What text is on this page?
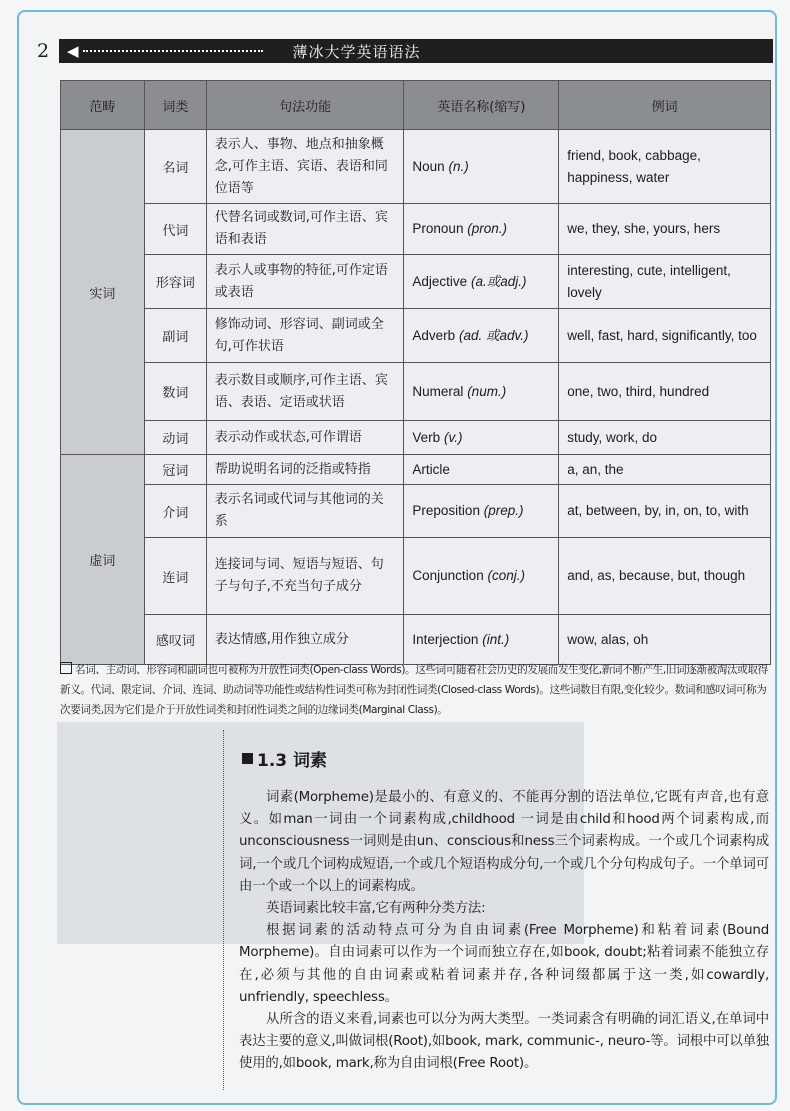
2 ◀	薄冰大学英语语法
范畴	词类	句法功能	英语名称(缩写)	例词
实词	名词	表示人、事物、地点和抽象概念,可作主语、宾语、表语和同位语等	Noun (n.)	friend, book, cabbage, happiness, water
	代词	代替名词或数词,可作主语、宾语和表语	Pronoun (pron.)	we, they, she, yours, hers
	形容词	表示人或事物的特征,可作定语或表语	Adjective (a.或adj.)	interesting, cute, intelligent, lovely
	副词	修饰动词、形容词、副词或全句,可作状语	Adverb (ad. 或adv.)	well, fast, hard, significantly, too
	数词	表示数目或顺序,可作主语、宾语、表语、定语或状语	Numeral (num.)	one, two, third, hundred
	动词	表示动作或状态,可作谓语	Verb (v.)	study, work, do
虚词	冠词	帮助说明名词的泛指或特指	Article	a, an, the
	介词	表示名词或代词与其他词的关系	Preposition (prep.)	at, between, by, in, on, to, with
	连词	连接词与词、短语与短语、句子与句子,不充当句子成分	Conjunction (conj.)	and, as, because, but, though
	感叹词	表达情感,用作独立成分	Interjection (int.)	wow, alas, oh
名词、主动词、形容词和副词也可被称为开放性词类(Open-class Words)。这些词可随着社会历史的发展而发生变化,新词不断产生,旧词逐渐被淘汰或取得新义。代词、限定词、介词、连词、助动词等功能性或结构性词类可称为封闭性词类(Closed-class Words)。这些词数目有限,变化较少。数词和感叹词可称为次要词类,因为它们是介于开放性词类和封闭性词类之间的边缘词类(Marginal Class)。
1.3 词素

词素(Morpheme)是最小的、有意义的、不能再分割的语法单位,它既有声音,也有意义。如man一词由一个词素构成,childhood 一词是由child和hood两个词素构成,而unconsciousness一词则是由un、conscious和ness三个词素构成。一个或几个词素构成词,一个或几个词构成短语,一个或几个短语构成分句,一个或几个分句构成句子。一个单词可由一个或一个以上的词素构成。

英语词素比较丰富,它有两种分类方法:

根据词素的活动特点可分为自由词素(Free Morpheme)和粘着词素(Bound Morpheme)。自由词素可以作为一个词而独立存在,如book, doubt;粘着词素不能独立存在,必须与其他的自由词素或粘着词素并存,各种词缀都属于这一类,如cowardly, unfriendly, speechless。

从所含的语义来看,词素也可以分为两大类型。一类词素含有明确的词汇语义,在单词中表达主要的意义,叫做词根(Root),如book, mark, communic-, neuro-等。词根中可以单独使用的,如book, mark,称为自由词根(Free Root)。
